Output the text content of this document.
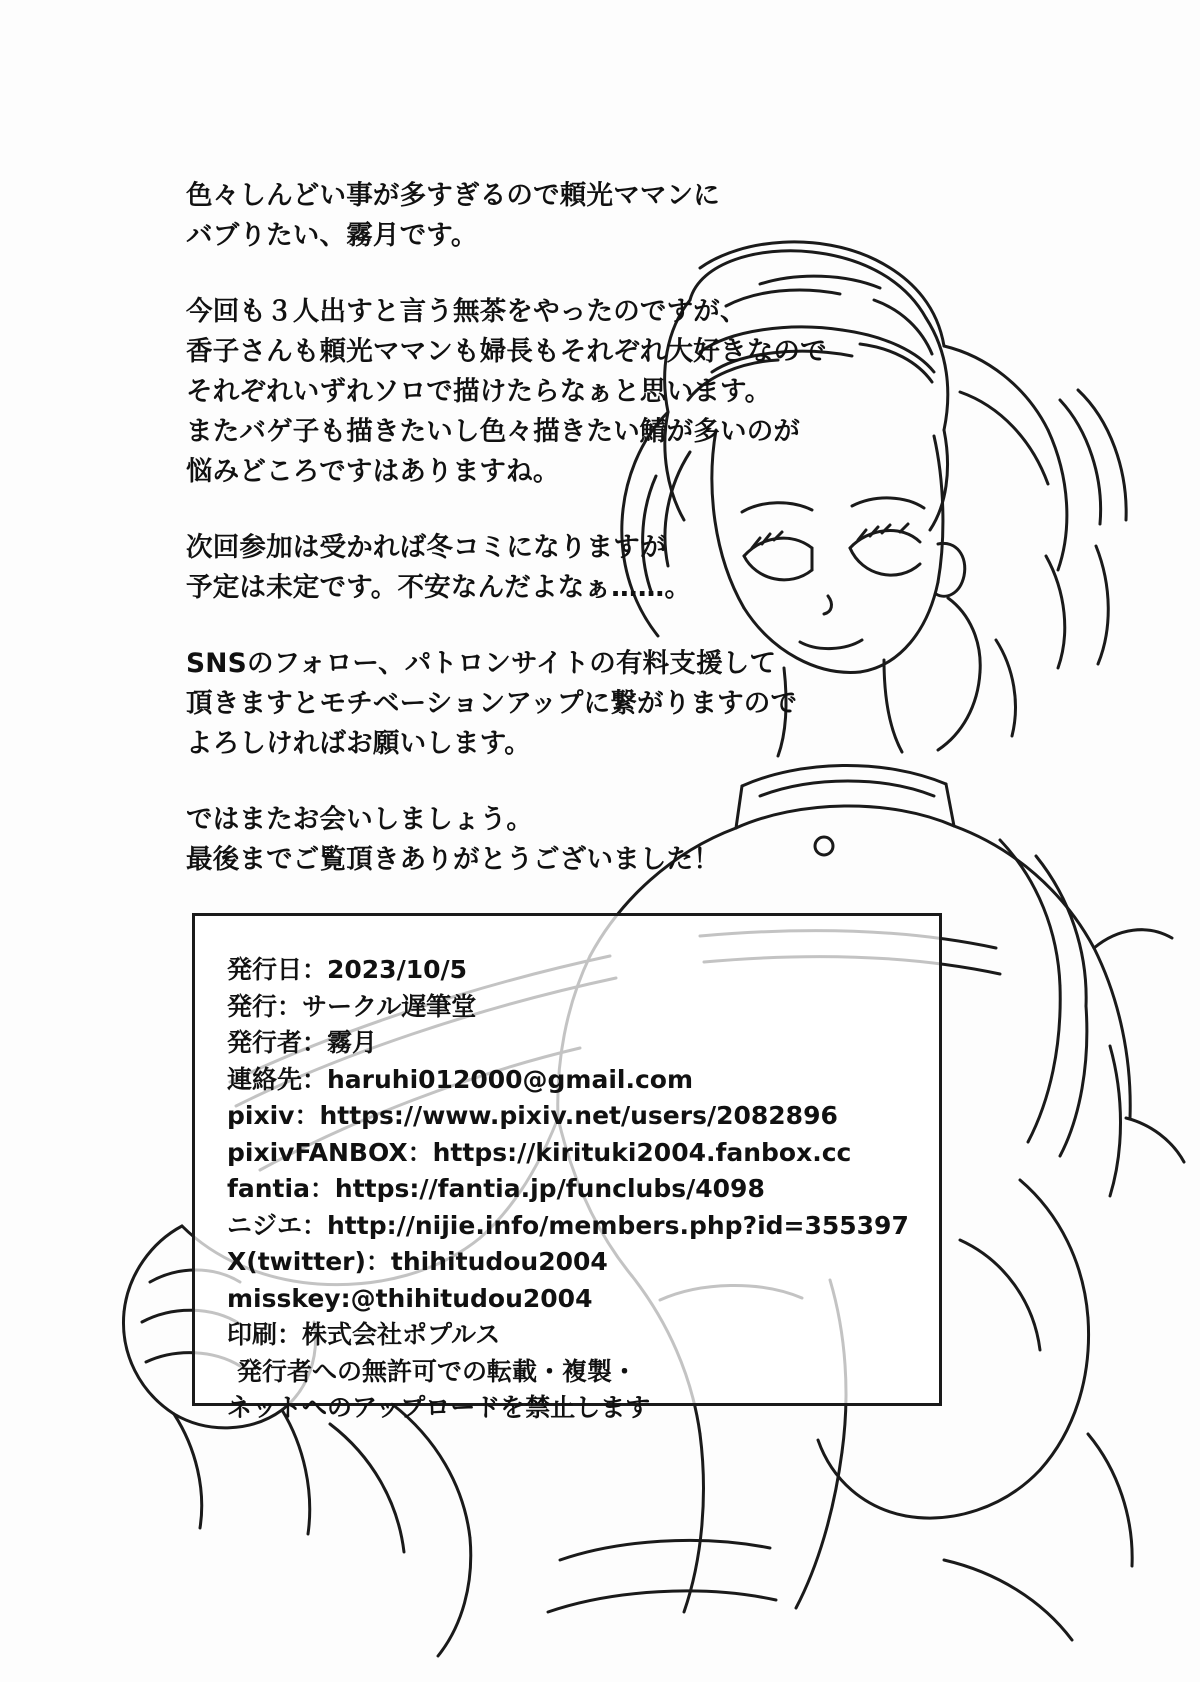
色々しんどい事が多すぎるので頼光ママンに
バブりたい、霧月です。
今回も３人出すと言う無茶をやったのですが、
香子さんも頼光ママンも婦長もそれぞれ大好きなので
それぞれいずれソロで描けたらなぁと思います。
またバゲ子も描きたいし色々描きたい鯖が多いのが
悩みどころですはありますね。
次回参加は受かれば冬コミになりますが
予定は未定です。不安なんだよなぁ……。
SNSのフォロー、パトロンサイトの有料支援して
頂きますとモチベーションアップに繋がりますので
よろしければお願いします。
ではまたお会いしましょう。
最後までご覧頂きありがとうございました！
発行日：2023/10/5
発行：サークル遅筆堂
発行者：霧月
連絡先：haruhi012000@gmail.com
pixiv：https://www.pixiv.net/users/2082896
pixivFANBOX：https://kirituki2004.fanbox.cc
fantia：https://fantia.jp/funclubs/4098
ニジエ：http://nijie.info/members.php?id=355397
X(twitter)：thihitudou2004
misskey:@thihitudou2004
印刷：株式会社ポプルス
発行者への無許可での転載・複製・
ネットへのアップロードを禁止します
